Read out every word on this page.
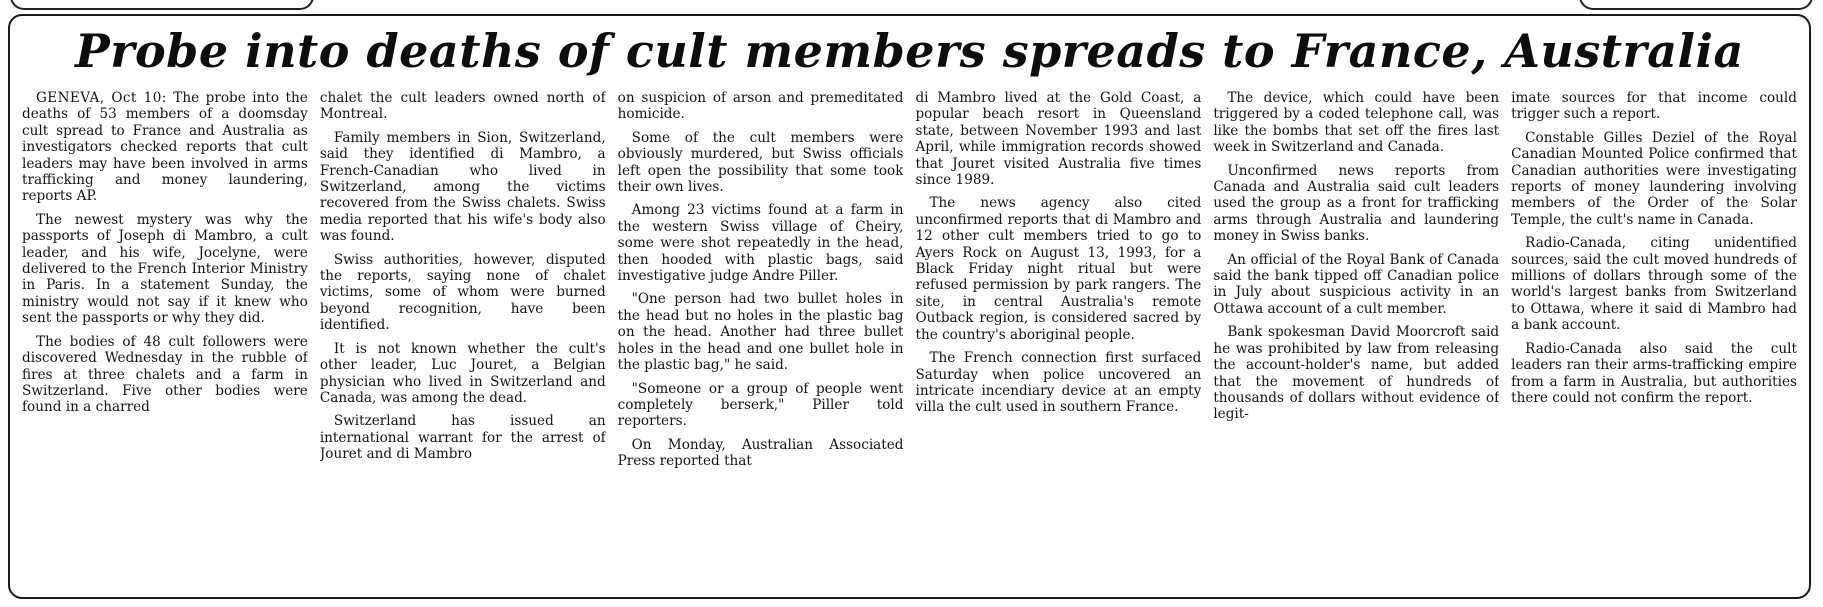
Probe into deaths of cult members spreads to France, Australia

GENEVA, Oct 10: The probe into the deaths of 53 members of a doomsday cult spread to France and Australia as investigators checked reports that cult leaders may have been involved in arms trafficking and money laundering, reports AP.

The newest mystery was why the passports of Joseph di Mambro, a cult leader, and his wife, Jocelyne, were delivered to the French Interior Ministry in Paris. In a statement Sunday, the ministry would not say if it knew who sent the passports or why they did.

The bodies of 48 cult followers were discovered Wednesday in the rubble of fires at three chalets and a farm in Switzerland. Five other bodies were found in a charred

chalet the cult leaders owned north of Montreal.

Family members in Sion, Switzerland, said they identified di Mambro, a French-Canadian who lived in Switzerland, among the victims recovered from the Swiss chalets. Swiss media reported that his wife's body also was found.

Swiss authorities, however, disputed the reports, saying none of chalet victims, some of whom were burned beyond recognition, have been identified.

It is not known whether the cult's other leader, Luc Jouret, a Belgian physician who lived in Switzerland and Canada, was among the dead.

Switzerland has issued an international warrant for the arrest of Jouret and di Mambro

on suspicion of arson and premeditated homicide.

Some of the cult members were obviously murdered, but Swiss officials left open the possibility that some took their own lives.

Among 23 victims found at a farm in the western Swiss village of Cheiry, some were shot repeatedly in the head, then hooded with plastic bags, said investigative judge Andre Piller.

"One person had two bullet holes in the head but no holes in the plastic bag on the head. Another had three bullet holes in the head and one bullet hole in the plastic bag," he said.

"Someone or a group of people went completely berserk," Piller told reporters.

On Monday, Australian Associated Press reported that

di Mambro lived at the Gold Coast, a popular beach resort in Queensland state, between November 1993 and last April, while immigration records showed that Jouret visited Australia five times since 1989.

The news agency also cited unconfirmed reports that di Mambro and 12 other cult members tried to go to Ayers Rock on August 13, 1993, for a Black Friday night ritual but were refused permission by park rangers. The site, in central Australia's remote Outback region, is considered sacred by the country's aboriginal people.

The French connection first surfaced Saturday when police uncovered an intricate incendiary device at an empty villa the cult used in southern France.

The device, which could have been triggered by a coded telephone call, was like the bombs that set off the fires last week in Switzerland and Canada.

Unconfirmed news reports from Canada and Australia said cult leaders used the group as a front for trafficking arms through Australia and laundering money in Swiss banks.

An official of the Royal Bank of Canada said the bank tipped off Canadian police in July about suspicious activity in an Ottawa account of a cult member.

Bank spokesman David Moorcroft said he was prohibited by law from releasing the account-holder's name, but added that the movement of hundreds of thousands of dollars without evidence of legit-

imate sources for that income could trigger such a report.

Constable Gilles Deziel of the Royal Canadian Mounted Police confirmed that Canadian authorities were investigating reports of money laundering involving members of the Order of the Solar Temple, the cult's name in Canada.

Radio-Canada, citing unidentified sources, said the cult moved hundreds of millions of dollars through some of the world's largest banks from Switzerland to Ottawa, where it said di Mambro had a bank account.

Radio-Canada also said the cult leaders ran their arms-trafficking empire from a farm in Australia, but authorities there could not confirm the report.
